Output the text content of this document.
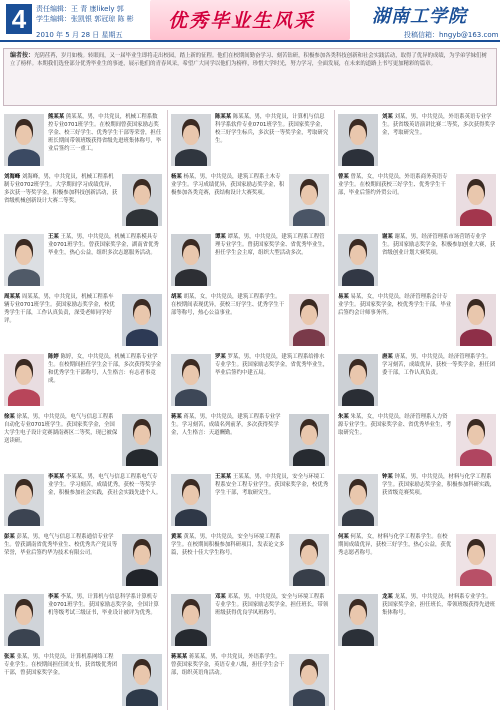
4	责任编辑：王 青 康likely 郭
学生编辑：张凯银 郭冠琼 陈 彬
2010 年 5 月 28 日 星期五
优秀毕业生风采	湖南工学院
投稿信箱：hngyb@163.com
编者按：光阴荏苒，岁月如梭。转眼间，又一届毕业生即将走出校园，踏上新的征程。他们在校期间勤奋学习、刻苦钻研，积极参加各类科技创新和社会实践活动，取得了优异的成绩，为学弟学妹们树立了榜样。本期我们选登部分优秀毕业生的事迹，展示他们的青春风采，希望广大同学以他们为榜样，珍惜大学时光，努力学习，全面发展，在未来的道路上书写更加精彩的篇章。
熊某某 熊某某，男，中共党员，机械工程系数控专业0701班学生。在校期间曾获国家励志奖学金、校三好学生、优秀学生干部等荣誉，担任班长期间带领班级获得省级先进班集体称号，毕业后签约三一重工。
刘海峰 刘海峰，男，中共党员，机械工程系机制专业0702班学生。大学期间学习成绩优异，多次获一等奖学金，积极参加科技创新活动，获省级机械创新设计大赛二等奖。
王某 王某，男，中共党员，机械工程系模具专业0701班学生。曾获国家奖学金，湖南省优秀毕业生，热心公益，组织多次志愿服务活动。
周某某 周某某，男，中共党员，机械工程系车辆专业0701班学生。获国家励志奖学金，校优秀学生干部，工作认真负责，深受老师同学好评。
陈婷 陈婷，女，中共党员，机械工程系专业学生。在校期间担任学生会干部，多次获得奖学金和优秀学生干部称号，人生格言：有志者事竟成。
徐某 徐某，男，中共党员，电气与信息工程系自动化专业0701班学生。获国家奖学金，全国大学生电子设计竞赛湖南赛区二等奖，现已被保送读研。
李某某 李某某，男，电气与信息工程系电气专业学生。学习刻苦，成绩优秀，获校一等奖学金，积极参加社会实践，获社会实践先进个人。
彭某 彭某，男，电气与信息工程系通信专业学生。曾获湖南省优秀毕业生、校优秀共产党员等荣誉，毕业后签约华为技术有限公司。
李某 李某，男，计算机与信息科学系计算机专业0701班学生。获国家励志奖学金，全国计算机等级考试三级证书，毕业设计被评为优秀。
张某 张某，男，中共党员，计算机系网络工程专业学生。在校期间担任团支书，获省级优秀团干部，曾获国家奖学金。
陈某某 陈某某，男，中共党员，计算机与信息科学系软件专业0701班学生。获国家奖学金，校三好学生标兵，多次获一等奖学金，考取研究生。
杨某 杨某，男，中共党员，建筑工程系土木专业学生。学习成绩优异，获国家励志奖学金，积极参加各类竞赛，获结构设计大赛奖项。
谭某 谭某，男，中共党员，建筑工程系工程管理专业学生。曾获国家奖学金、省优秀毕业生，担任学生会主席，组织大型活动多次。
胡某 胡某，女，中共党员，建筑工程系学生。在校期间表现优异，获校三好学生、优秀学生干部等称号，热心公益事业。
罗某 罗某，男，中共党员，建筑工程系给排水专业学生。获国家励志奖学金，省优秀毕业生，毕业后签约中建五局。
蒋某 蒋某，男，中共党员，建筑工程系专业学生。学习刻苦，成绩名列前茅，多次获得奖学金，人生格言：天道酬勤。
王某某 王某某，男，中共党员，安全与环境工程系安全工程专业学生。获国家奖学金，校优秀学生干部，考取研究生。
黄某 黄某，男，中共党员，安全与环境工程系学生。在校期间积极参加科研项目，发表论文多篇，获校十佳大学生称号。
邓某 邓某，男，中共党员，安全与环境工程系专业学生。获国家励志奖学金，担任班长，带领班级获得优良学风班称号。
蒋某某 蒋某某，男，中共党员，外语系学生。曾获国家奖学金，英语专业八级，担任学生会干部，组织英语角活动。
刘某 刘某，男，中共党员，外语系英语专业学生。获省级英语演讲比赛二等奖，多次获得奖学金，考取研究生。
曾某 曾某，女，中共党员，外语系商务英语专业学生。在校期间获校三好学生、优秀学生干部，毕业后签约外贸公司。
谢某 谢某，男，经济管理系市场营销专业学生。获国家励志奖学金，积极参加创业大赛，获省级创业计划大赛奖项。
易某 易某，女，中共党员，经济管理系会计专业学生。获国家奖学金，校优秀学生干部，毕业后签约会计师事务所。
唐某 唐某，男，中共党员，经济管理系学生。学习刻苦，成绩优异，获校一等奖学金，担任团委干部，工作认真负责。
朱某 朱某，女，中共党员，经济管理系人力资源专业学生。获国家奖学金、省优秀毕业生，考取研究生。
钟某 钟某，男，中共党员，材料与化学工程系学生。获国家励志奖学金，积极参加科研实践，获省级竞赛奖项。
何某 何某，女，材料与化学工程系学生。在校期间成绩优异，获校三好学生，热心公益，获优秀志愿者称号。
龙某 龙某，男，中共党员，材料系专业学生。获国家奖学金，担任班长，带领班级获得先进班集体称号。
